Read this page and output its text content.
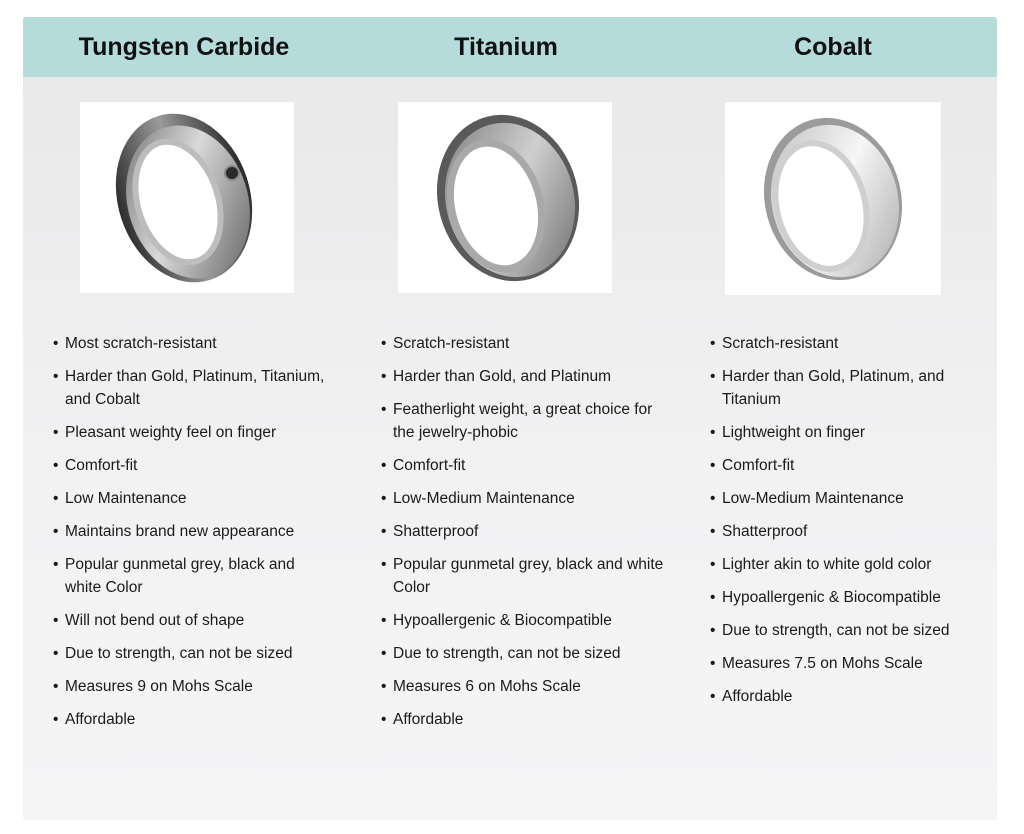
• Most scratch-resistant
• Harder than Gold, Platinum, Titanium, and Cobalt
• Pleasant weighty feel on finger
• Comfort-fit
• Low Maintenance
• Maintains brand new appearance
• Popular gunmetal grey, black and white Color
• Will not bend out of shape
• Due to strength, can not be sized
• Measures 9 on Mohs Scale
• Affordable
• Scratch-resistant
• Harder than Gold, and Platinum
• Featherlight weight, a great choice for the jewelry-phobic
• Comfort-fit
• Low-Medium Maintenance
• Shatterproof
• Popular gunmetal grey, black and white Color
• Hypoallergenic & Biocompatible
• Due to strength, can not be sized
• Measures 6 on Mohs Scale
• Affordable
• Scratch-resistant
• Harder than Gold, Platinum, and Titanium
• Lightweight on finger
• Comfort-fit
• Low-Medium Maintenance
• Shatterproof
• Lighter akin to white gold color
• Hypoallergenic & Biocompatible
• Due to strength, can not be sized
• Measures 7.5 on Mohs Scale
• Affordable
Tungsten Carbide	Titanium	Cobalt
